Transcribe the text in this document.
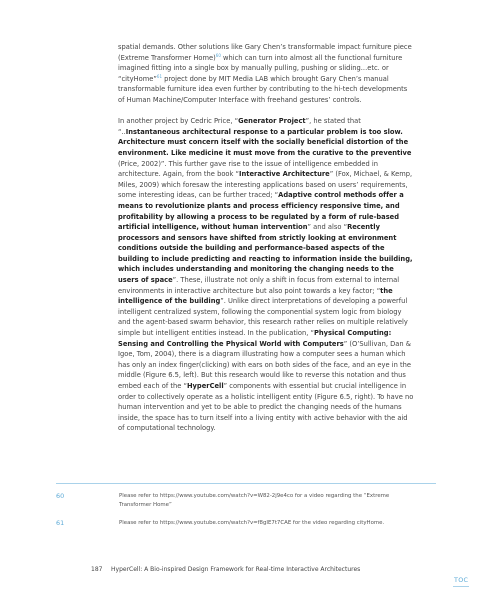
spatial demands. Other solutions like Gary Chen’s transformable impact furniture piece (Extreme Transformer Home)$^{60}$ which can turn into almost all the functional furniture imagined fitting into a single box by manually pulling, pushing or sliding...etc. or “cityHome”$^{61}$ project done by MIT Media LAB which brought Gary Chen’s manual transformable furniture idea even further by contributing to the hi-tech developments of Human Machine/Computer Interface with freehand gestures’ controls.

In another project by Cedric Price, “Generator Project”, he stated that “..Instantaneous architectural response to a particular problem is too slow. Architecture must concern itself with the socially beneficial distortion of the environment. Like medicine it must move from the curative to the preventive (Price, 2002)”. This further gave rise to the issue of intelligence embedded in architecture. Again, from the book “Interactive Architecture” (Fox, Michael, & Kemp, Miles, 2009) which foresaw the interesting applications based on users’ requirements, some interesting ideas, can be further traced; “Adaptive control methods offer a means to revolutionize plants and process efficiency responsive time, and profitability by allowing a process to be regulated by a form of rule-based artificial intelligence, without human intervention” and also “Recently processors and sensors have shifted from strictly looking at environment conditions outside the building and performance-based aspects of the building to include predicting and reacting to information inside the building, which includes understanding and monitoring the changing needs to the users of space”. These, illustrate not only a shift in focus from external to internal environments in interactive architecture but also point towards a key factor; “the intelligence of the building”. Unlike direct interpretations of developing a powerful intelligent centralized system, following the componential system logic from biology and the agent-based swarm behavior, this research rather relies on multiple relatively simple but intelligent entities instead. In the publication, “Physical Computing: Sensing and Controlling the Physical World with Computers” (O’Sullivan, Dan & Igoe, Tom, 2004), there is a diagram illustrating how a computer sees a human which has only an index finger(clicking) with ears on both sides of the face, and an eye in the middle (Figure 6.5, left). But this research would like to reverse this notation and thus embed each of the “HyperCell” components with essential but crucial intelligence in order to collectively operate as a holistic intelligent entity (Figure 6.5, right). To have no human intervention and yet to be able to predict the changing needs of the humans inside, the space has to turn itself into a living entity with active behavior with the aid of computational technology.

60	Please refer to https://www.youtube.com/watch?v=W82-2j9e4co for a video regarding the “Extreme Transformer Home”
61	Please refer to https://www.youtube.com/watch?v=f8gIE7t7CAE for the video regarding cityHome.
187 HyperCell: A Bio-inspired Design Framework for Real-time Interactive Architectures
TOC
